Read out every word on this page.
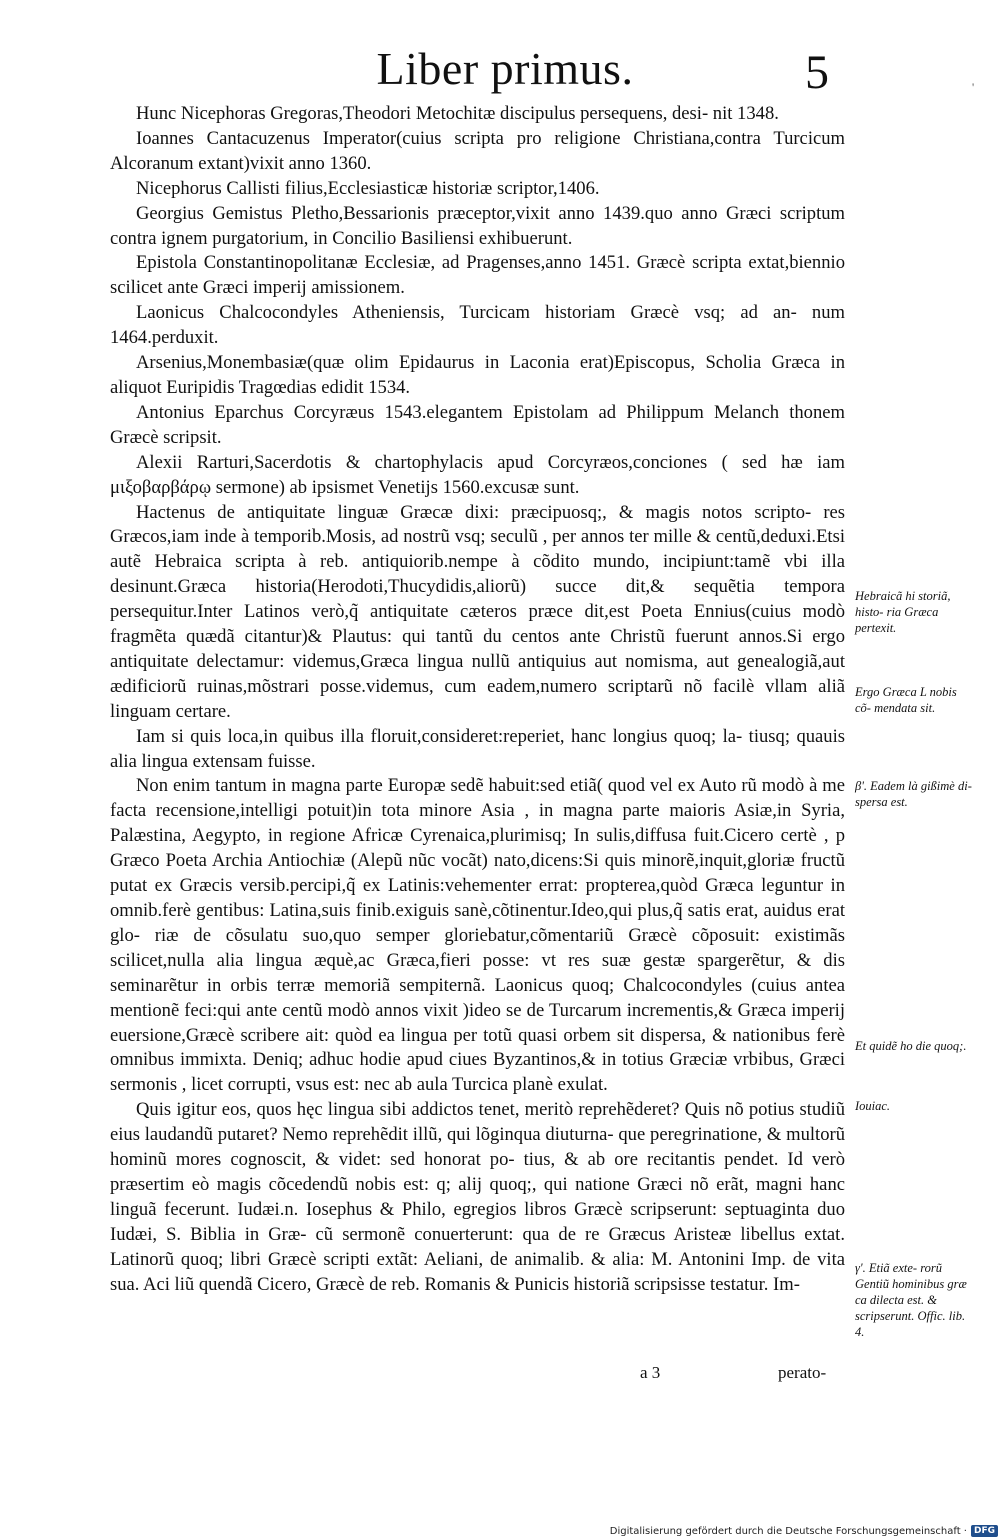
Liber primus.	5	'

Hunc Nicephoras Gregoras,Theodori Metochitæ discipulus persequens, desi- nit 1348.

Ioannes Cantacuzenus Imperator(cuius scripta pro religione Christiana,contra Turcicum Alcoranum extant)vixit anno 1360.

Nicephorus Callisti filius,Ecclesiasticæ historiæ scriptor,1406.

Georgius Gemistus Pletho,Bessarionis præceptor,vixit anno 1439.quo anno Græci scriptum contra ignem purgatorium, in Concilio Basiliensi exhibuerunt.

Epistola Constantinopolitanæ Ecclesiæ, ad Pragenses,anno 1451. Græcè scripta extat,biennio scilicet ante Græci imperij amissionem.

Laonicus Chalcocondyles Atheniensis, Turcicam historiam Græcè vsq; ad an- num 1464.perduxit.

Arsenius,Monembasiæ(quæ olim Epidaurus in Laconia erat)Episcopus, Scholia Græca in aliquot Euripidis Tragœdias edidit 1534.

Antonius Eparchus Corcyræus 1543.elegantem Epistolam ad Philippum Melanch thonem Græcè scripsit.

Alexii Rarturi,Sacerdotis & chartophylacis apud Corcyræos,conciones ( sed hæ iam μιξοβαρβάρῳ sermone) ab ipsismet Venetijs 1560.excusæ sunt.

Hactenus de antiquitate linguæ Græcæ dixi: præcipuosq;, & magis notos scripto- res Græcos,iam inde à temporib.Mosis, ad nostrũ vsq; seculũ , per annos ter mille & centũ,deduxi.Etsi autẽ Hebraica scripta à reb. antiquiorib.nempe à cõdito mundo, incipiunt:tamẽ vbi illa desinunt.Græca historia(Herodoti,Thucydidis,aliorũ) succe dit,& sequẽtia tempora persequitur.Inter Latinos verò,q̃ antiquitate cæteros præce dit,est Poeta Ennius(cuius modò fragmẽta quædã citantur)& Plautus: qui tantũ du centos ante Christũ fuerunt annos.Si ergo antiquitate delectamur: videmus,Græca lingua nullũ antiquius aut nomisma, aut genealogiã,aut ædificiorũ ruinas,mõstrari posse.videmus, cum eadem,numero scriptarũ nõ facilè vllam aliã linguam certare.

Iam si quis loca,in quibus illa floruit,consideret:reperiet, hanc longius quoq; la- tiusq; quauis alia lingua extensam fuisse.

Non enim tantum in magna parte Europæ sedẽ habuit:sed etiã( quod vel ex Auto rũ modò à me facta recensione,intelligi potuit)in tota minore Asia , in magna parte maioris Asiæ,in Syria, Palæstina, Aegypto, in regione Africæ Cyrenaica,plurimisq; In sulis,diffusa fuit.Cicero certè , p Græco Poeta Archia Antiochiæ (Alepũ nũc vocãt) nato,dicens:Si quis minorẽ,inquit,gloriæ fructũ putat ex Græcis versib.percipi,q̃ ex Latinis:vehementer errat: propterea,quòd Græca leguntur in omnib.ferè gentibus: Latina,suis finib.exiguis sanè,cõtinentur.Ideo,qui plus,q̃ satis erat, auidus erat glo- riæ de cõsulatu suo,quo semper gloriebatur,cõmentariũ Græcè cõposuit: existimãs scilicet,nulla alia lingua æquè,ac Græca,fieri posse: vt res suæ gestæ spargerẽtur, & dis seminarẽtur in orbis terræ memoriã sempiternã. Laonicus quoq; Chalcocondyles (cuius antea mentionẽ feci:qui ante centũ modò annos vixit )ideo se de Turcarum incrementis,& Græca imperij euersione,Græcè scribere ait: quòd ea lingua per totũ quasi orbem sit dispersa, & nationibus ferè omnibus immixta. Deniq; adhuc hodie apud ciues Byzantinos,& in totius Græciæ vrbibus, Græci sermonis , licet corrupti, vsus est: nec ab aula Turcica planè exulat.

Quis igitur eos, quos hęc lingua sibi addictos tenet, meritò reprehẽderet? Quis nõ potius studiũ eius laudandũ putaret? Nemo reprehẽdit illũ, qui lõginqua diuturna- que peregrinatione, & multorũ hominũ mores cognoscit, & videt: sed honorat po- tius, & ab ore recitantis pendet. Id verò præsertim eò magis cõcedendũ nobis est: q; alij quoq;, qui natione Græci nõ erãt, magni hanc linguã fecerunt. Iudæi.n. Iosephus & Philo, egregios libros Græcè scripserunt: septuaginta duo Iudæi, S. Biblia in Græ- cũ sermonẽ conuerterunt: qua de re Græcus Aristeæ libellus extat. Latinorũ quoq; libri Græcè scripti extãt: Aeliani, de animalib. & alia: M. Antonini Imp. de vita sua. Aci liũ quendã Cicero, Græcè de reb. Romanis & Punicis historiã scripsisse testatur. Im-

Hebraicã hi storiã, histo- ria Græca pertexit.
Ergo Græca L nobis cõ- mendata sit.
β'. Eadem là gißimè di- spersa est.
Et quidẽ ho die quoq;.
Iouiac.
γ'. Etiã exte- rorũ Gentiũ hominibus græ ca dilecta est. & scripserunt. Offic. lib. 4.
a 3	perato-
Digitalisierung gefördert durch die Deutsche Forschungsgemeinschaft · DFG
